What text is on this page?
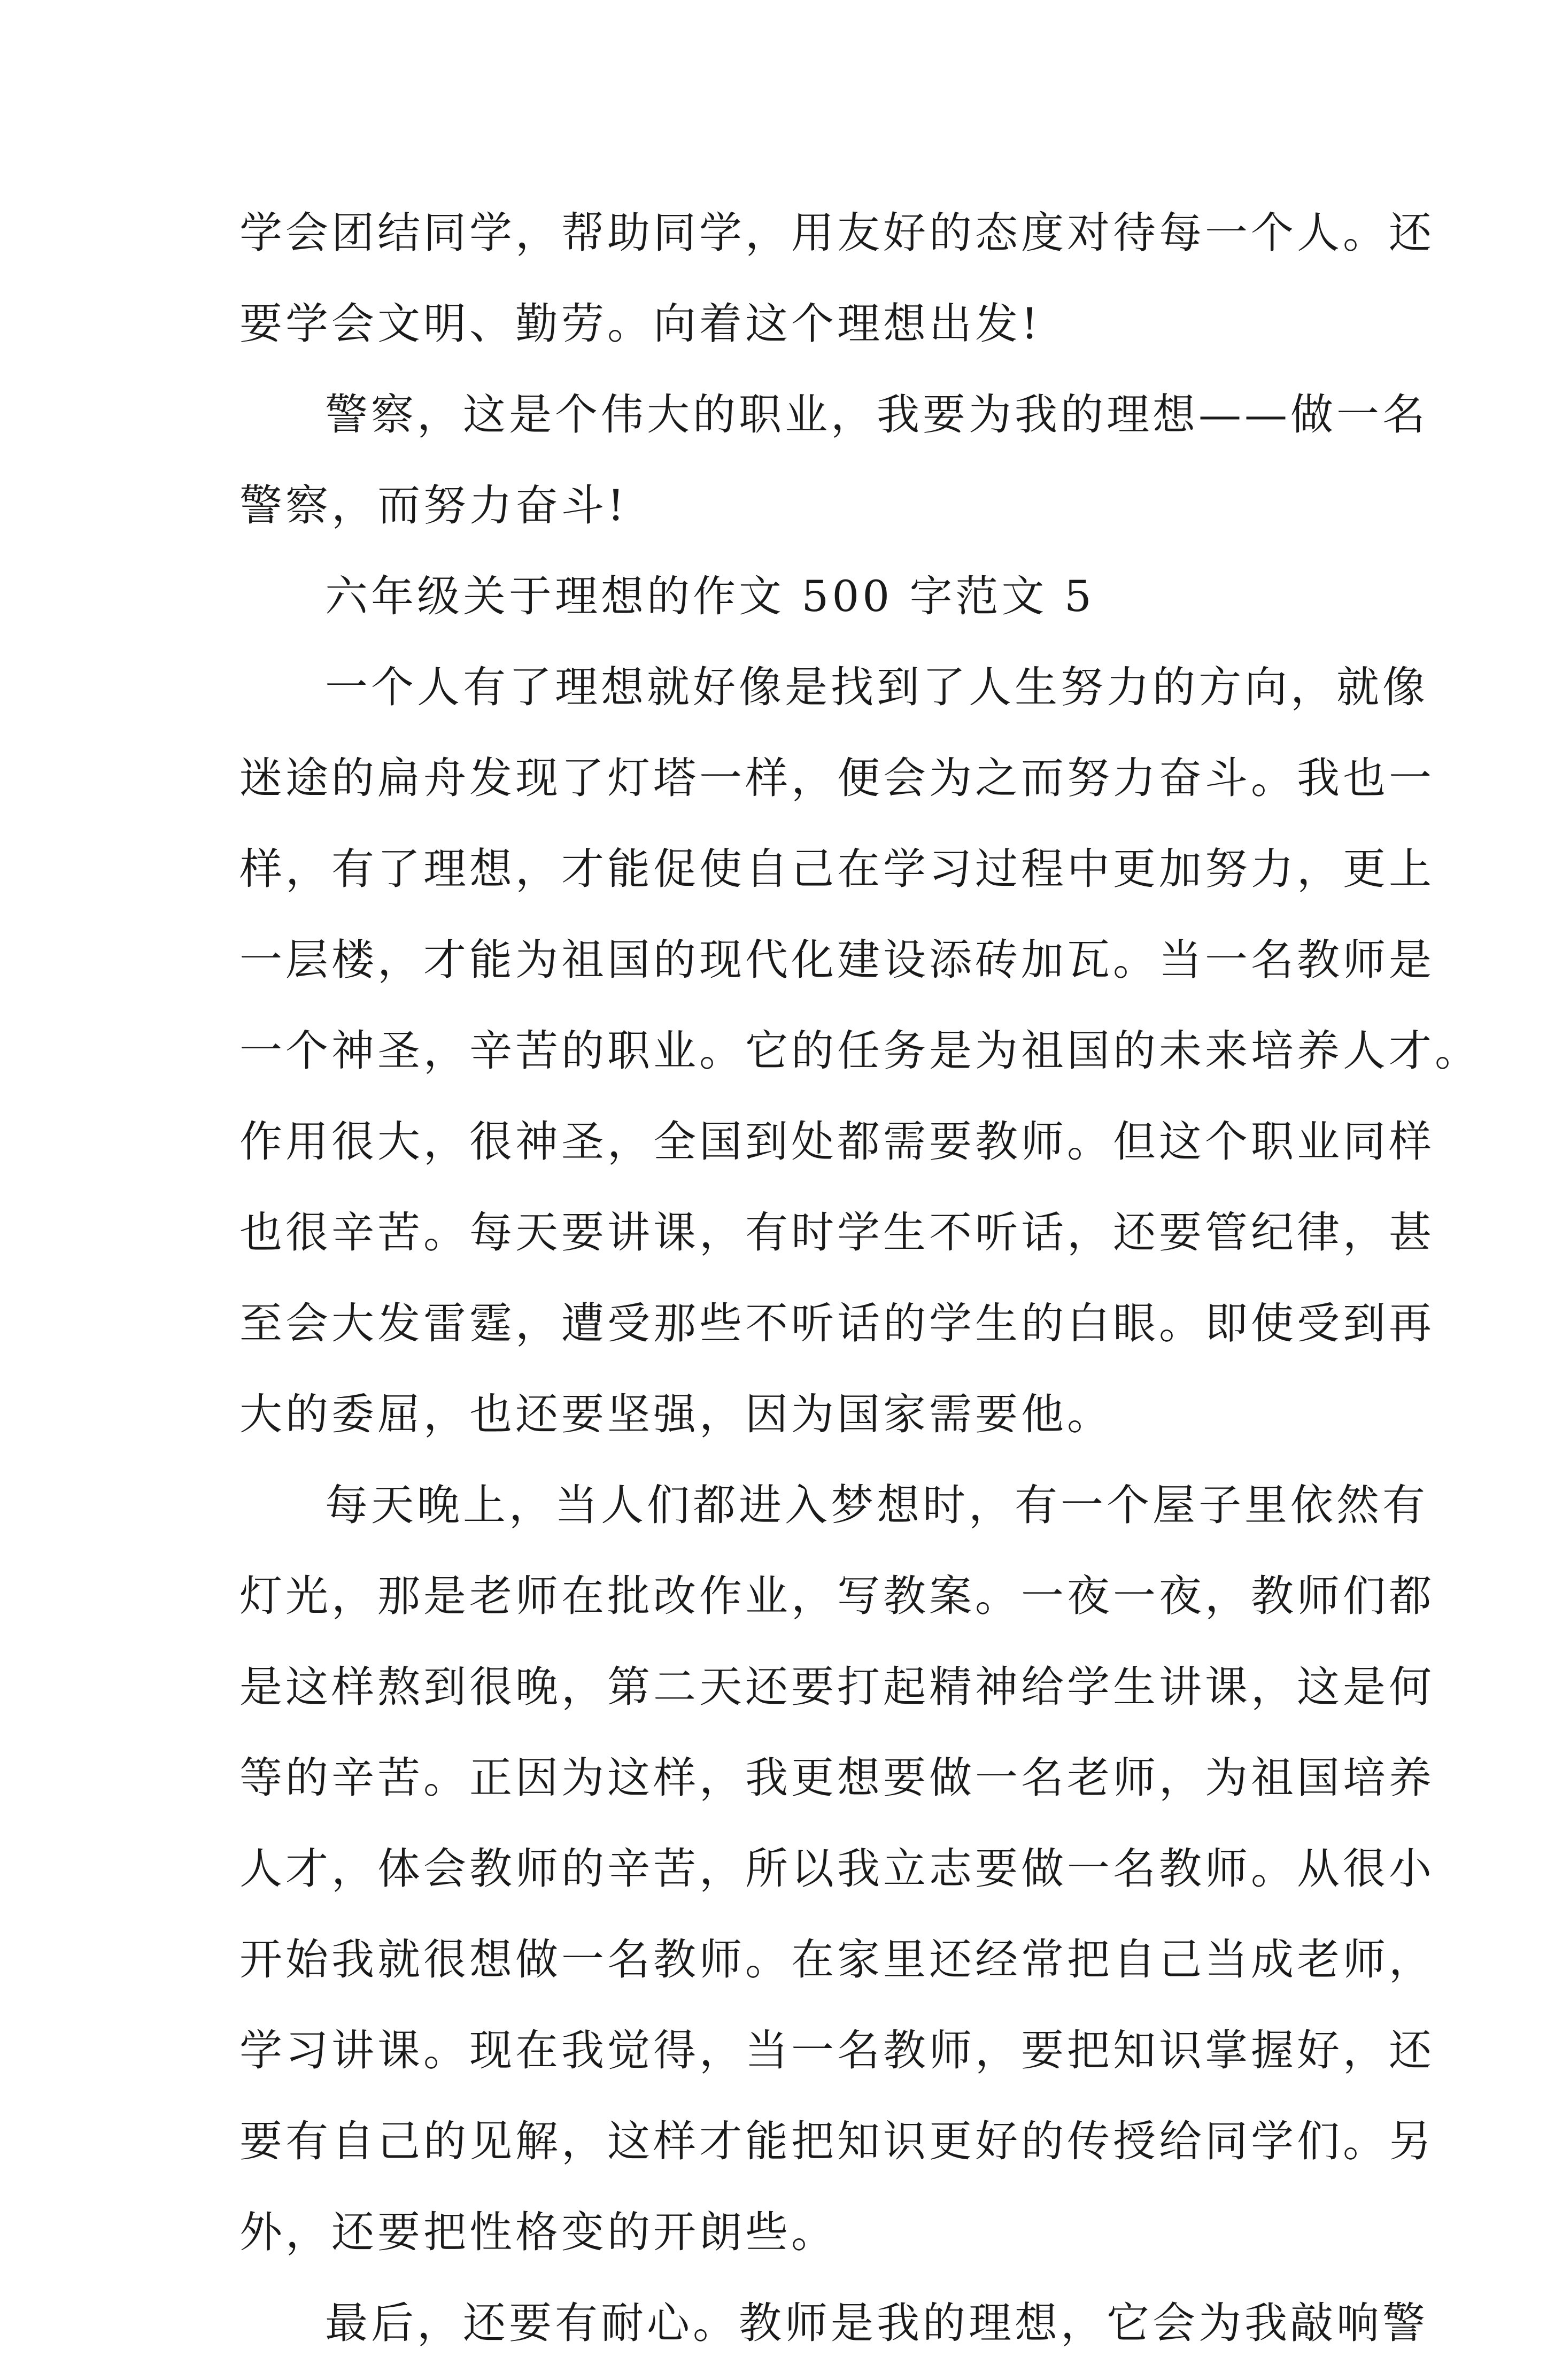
学会团结同学，帮助同学，用友好的态度对待每一个人。还
要学会文明、勤劳。向着这个理想出发!
警察，这是个伟大的职业，我要为我的理想——做一名
警察，而努力奋斗!
六年级关于理想的作文 500 字范文 5
一个人有了理想就好像是找到了人生努力的方向，就像
迷途的扁舟发现了灯塔一样，便会为之而努力奋斗。我也一
样，有了理想，才能促使自己在学习过程中更加努力，更上
一层楼，才能为祖国的现代化建设添砖加瓦。当一名教师是
一个神圣，辛苦的职业。它的任务是为祖国的未来培养人才。
作用很大，很神圣，全国到处都需要教师。但这个职业同样
也很辛苦。每天要讲课，有时学生不听话，还要管纪律，甚
至会大发雷霆，遭受那些不听话的学生的白眼。即使受到再
大的委屈，也还要坚强，因为国家需要他。
每天晚上，当人们都进入梦想时，有一个屋子里依然有
灯光，那是老师在批改作业，写教案。一夜一夜，教师们都
是这样熬到很晚，第二天还要打起精神给学生讲课，这是何
等的辛苦。正因为这样，我更想要做一名老师，为祖国培养
人才，体会教师的辛苦，所以我立志要做一名教师。从很小
开始我就很想做一名教师。在家里还经常把自己当成老师，
学习讲课。现在我觉得，当一名教师，要把知识掌握好，还
要有自己的见解，这样才能把知识更好的传授给同学们。另
外，还要把性格变的开朗些。
最后，还要有耐心。教师是我的理想，它会为我敲响警
